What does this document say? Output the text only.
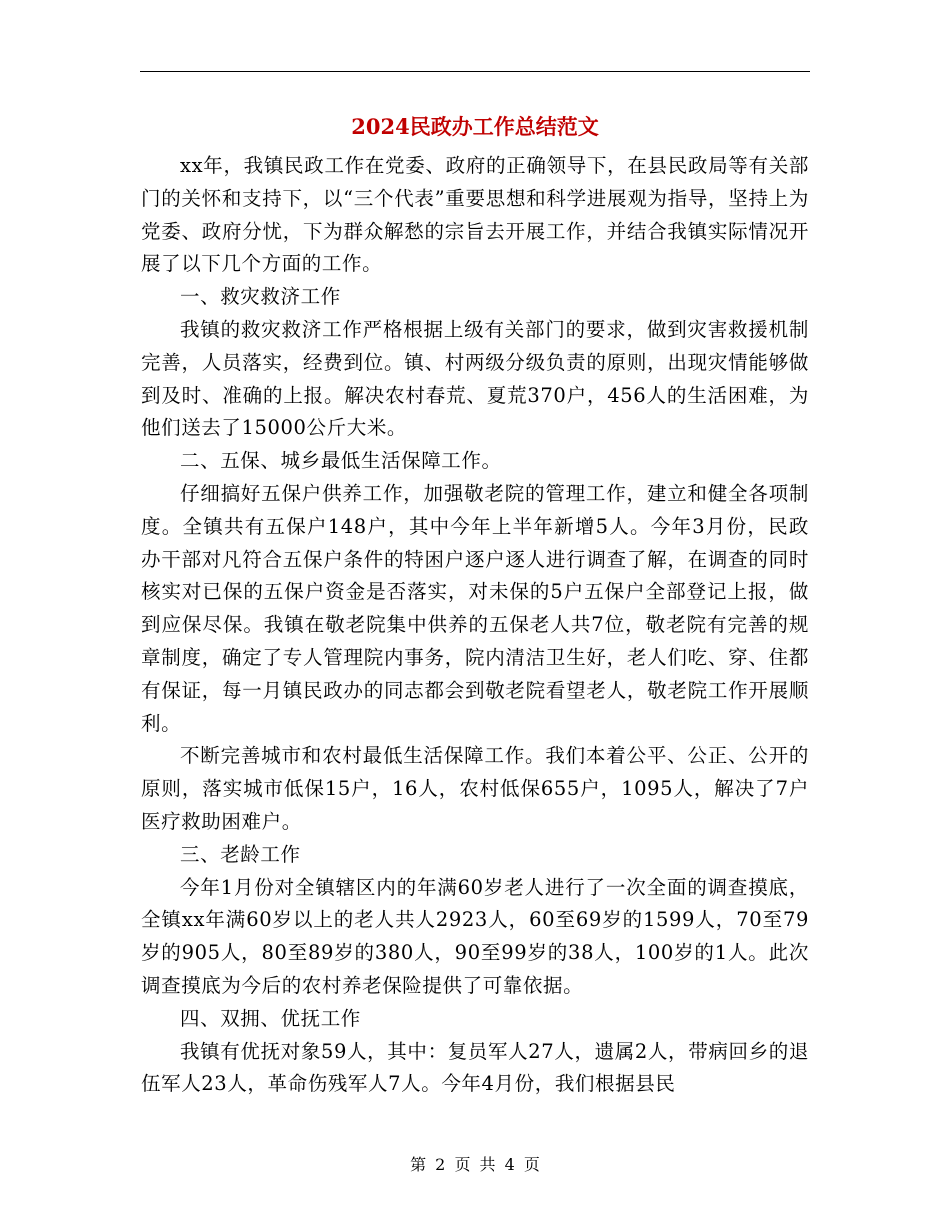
2024民政办工作总结范文

xx年，我镇民政工作在党委、政府的正确领导下，在县民政局等有关部门的关怀和支持下，以“三个代表”重要思想和科学进展观为指导，坚持上为党委、政府分忧，下为群众解愁的宗旨去开展工作，并结合我镇实际情况开展了以下几个方面的工作。

一、救灾救济工作

我镇的救灾救济工作严格根据上级有关部门的要求，做到灾害救援机制完善，人员落实，经费到位。镇、村两级分级负责的原则，出现灾情能够做到及时、准确的上报。解决农村春荒、夏荒370户，456人的生活困难，为他们送去了15000公斤大米。

二、五保、城乡最低生活保障工作。

仔细搞好五保户供养工作，加强敬老院的管理工作，建立和健全各项制度。全镇共有五保户148户，其中今年上半年新增5人。今年3月份，民政办干部对凡符合五保户条件的特困户逐户逐人进行调查了解，在调查的同时核实对已保的五保户资金是否落实，对未保的5户五保户全部登记上报，做到应保尽保。我镇在敬老院集中供养的五保老人共7位，敬老院有完善的规章制度，确定了专人管理院内事务，院内清洁卫生好，老人们吃、穿、住都有保证，每一月镇民政办的同志都会到敬老院看望老人，敬老院工作开展顺利。

不断完善城市和农村最低生活保障工作。我们本着公平、公正、公开的原则，落实城市低保15户，16人，农村低保655户，1095人，解决了7户医疗救助困难户。

三、老龄工作

今年1月份对全镇辖区内的年满60岁老人进行了一次全面的调查摸底，全镇xx年满60岁以上的老人共人2923人，60至69岁的1599人，70至79岁的905人，80至89岁的380人，90至99岁的38人，100岁的1人。此次调查摸底为今后的农村养老保险提供了可靠依据。

四、双拥、优抚工作

我镇有优抚对象59人，其中：复员军人27人，遗属2人，带病回乡的退伍军人23人，革命伤残军人7人。今年4月份，我们根据县民

第 2 页 共 4 页
